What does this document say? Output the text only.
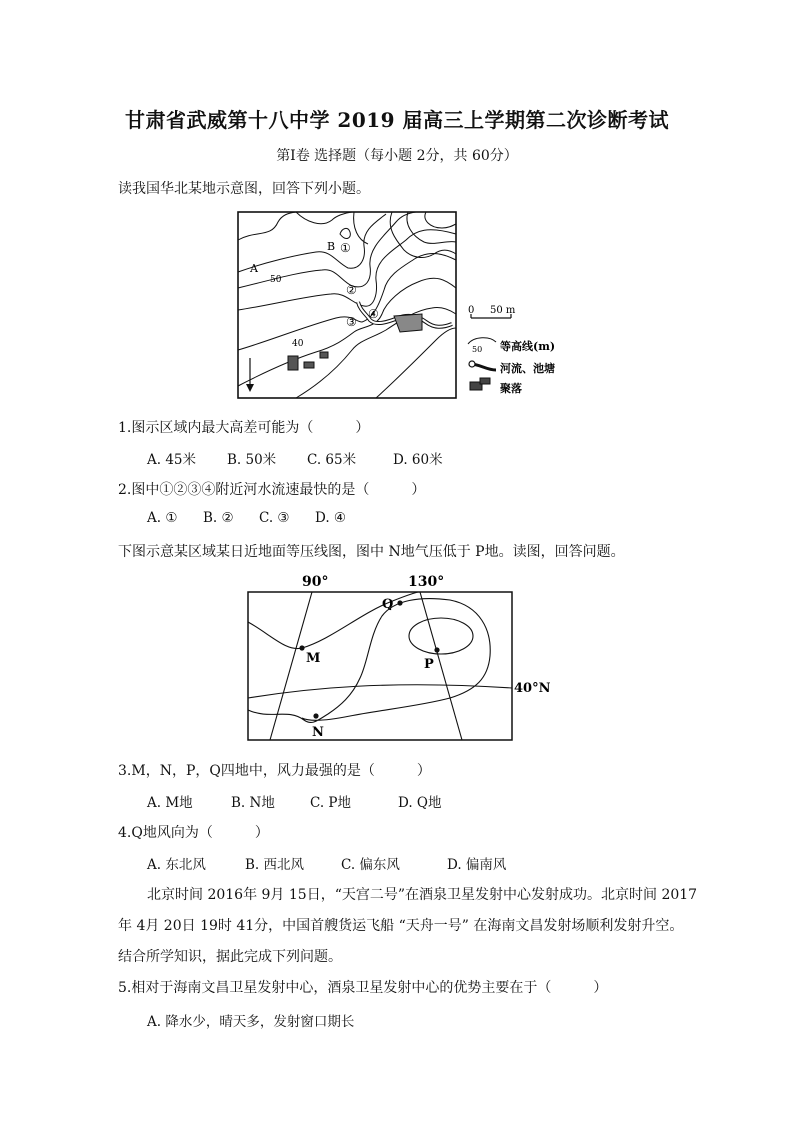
甘肃省武威第十八中学 2019 届高三上学期第二次诊断考试
第Ⅰ卷 选择题（每小题 2分，共 60分）
读我国华北某地示意图，回答下列小题。
A
B
50
40
①
②
③
④	0 50 m
50 等高线(m)
河流、池塘
聚落
1.图示区域内最大高差可能为（　　　）
A. 45米 B. 50米 C. 65米	D. 60米
2.图中①②③④附近河水流速最快的是（　　　）
A. ① B. ② C. ③ D. ④
下图示意某区域某日近地面等压线图，图中 N地气压低于 P地。读图，回答问题。
90°	130°
40°N
M
N
P
Q
3.M，N，P，Q四地中，风力最强的是（　　　）
A. M地	B. N地	C. P地	D. Q地
4.Q地风向为（　　　）
A. 东北风	B. 西北风	C. 偏东风	D. 偏南风
北京时间 2016年 9月 15日，“天宫二号”在酒泉卫星发射中心发射成功。北京时间 2017
年 4月 20日 19时 41分，中国首艘货运飞船 “天舟一号” 在海南文昌发射场顺利发射升空。
结合所学知识，据此完成下列问题。
5.相对于海南文昌卫星发射中心，酒泉卫星发射中心的优势主要在于（　　　）
A. 降水少，晴天多，发射窗口期长
